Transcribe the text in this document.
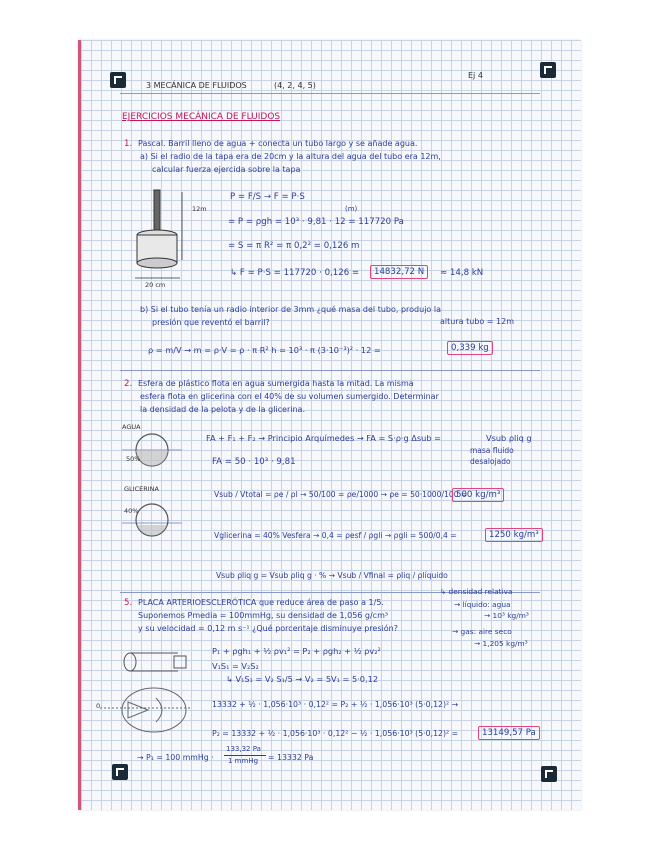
3 MECÁNICA DE FLUIDOS	(4, 2, 4, 5)
Ej 4
EJERCICIOS MECÁNICA DE FLUIDOS
1. Pascal. Barril lleno de agua + conecta un tubo largo y se añade agua.
a) Si el radio de la tapa era de 20cm y la altura del agua del tubo era 12m,
calcular fuerza ejercida sobre la tapa
12m
20 cm
P = F/S → F = P·S
(m)
= P = ρgh = 10³ · 9,81 · 12 = 117720 Pa
= S = π R² = π 0,2² = 0,126 m
↳ F = P·S = 117720 · 0,126 =	14832,72 N	≈ 14,8 kN
b) Si el tubo tenía un radio interior de 3mm ¿qué masa del tubo, produjo la
presión que reventó el barril?	altura tubo = 12m
ρ = m/V → m = ρ·V = ρ · π R² h = 10³ · π (3·10⁻³)² · 12 =	0,339 kg
2. Esfera de plástico flota en agua sumergida hasta la mitad. La misma
esfera flota en glicerina con el 40% de su volumen sumergido. Determinar
la densidad de la pelota y de la glicerina.
AGUA
50%
GLICERINA
40%
FA + F₁ + F₂ → Principio Arquímedes → FA = S·ρ·g Δsub =	Vsub ρliq g
masa fluido
desalojado
FA = 50 · 10³ · 9,81
Vsub / Vtotal = ρe / ρl → 50/100 = ρe/1000 → ρe = 50·1000/100 =
500 kg/m³
Vglicerina = 40% Vesfera → 0,4 = ρesf / ρgli → ρgli = 500/0,4 =	1250 kg/m³
Vsub ρliq g = Vsub ρliq g · % → Vsub / Vfinal = ρliq / ρlíquido
5. PLACA ARTERIOESCLERÓTICA que reduce área de paso a 1/5.
Suponemos Pmedia = 100mmHg, su densidad de 1,056 g/cm³
y su velocidad = 0,12 m s⁻¹ ¿Qué porcentaje disminuye presión?
↳ densidad relativa
→ líquido: agua
→ 10³ kg/m³
→ gas: aire seco
→ 1,205 kg/m³
0
P₁ + ρgh₁ + ½ ρv₁² = P₂ + ρgh₂ + ½ ρv₂²
V₁S₁ = V₂S₂
↳ V₁S₁ = V₂ S₁/5 → V₂ = 5V₁ = 5·0,12
13332 + ½ · 1,056·10³ · 0,12² = P₂ + ½ · 1,056·10³ (5·0,12)² →
P₂ = 13332 + ½ · 1,056·10³ · 0,12² − ½ · 1,056·10³ (5·0,12)² =	13149,57 Pa
→ P₁ = 100 mmHg ·
133,32 Pa
1 mmHg = 13332 Pa
